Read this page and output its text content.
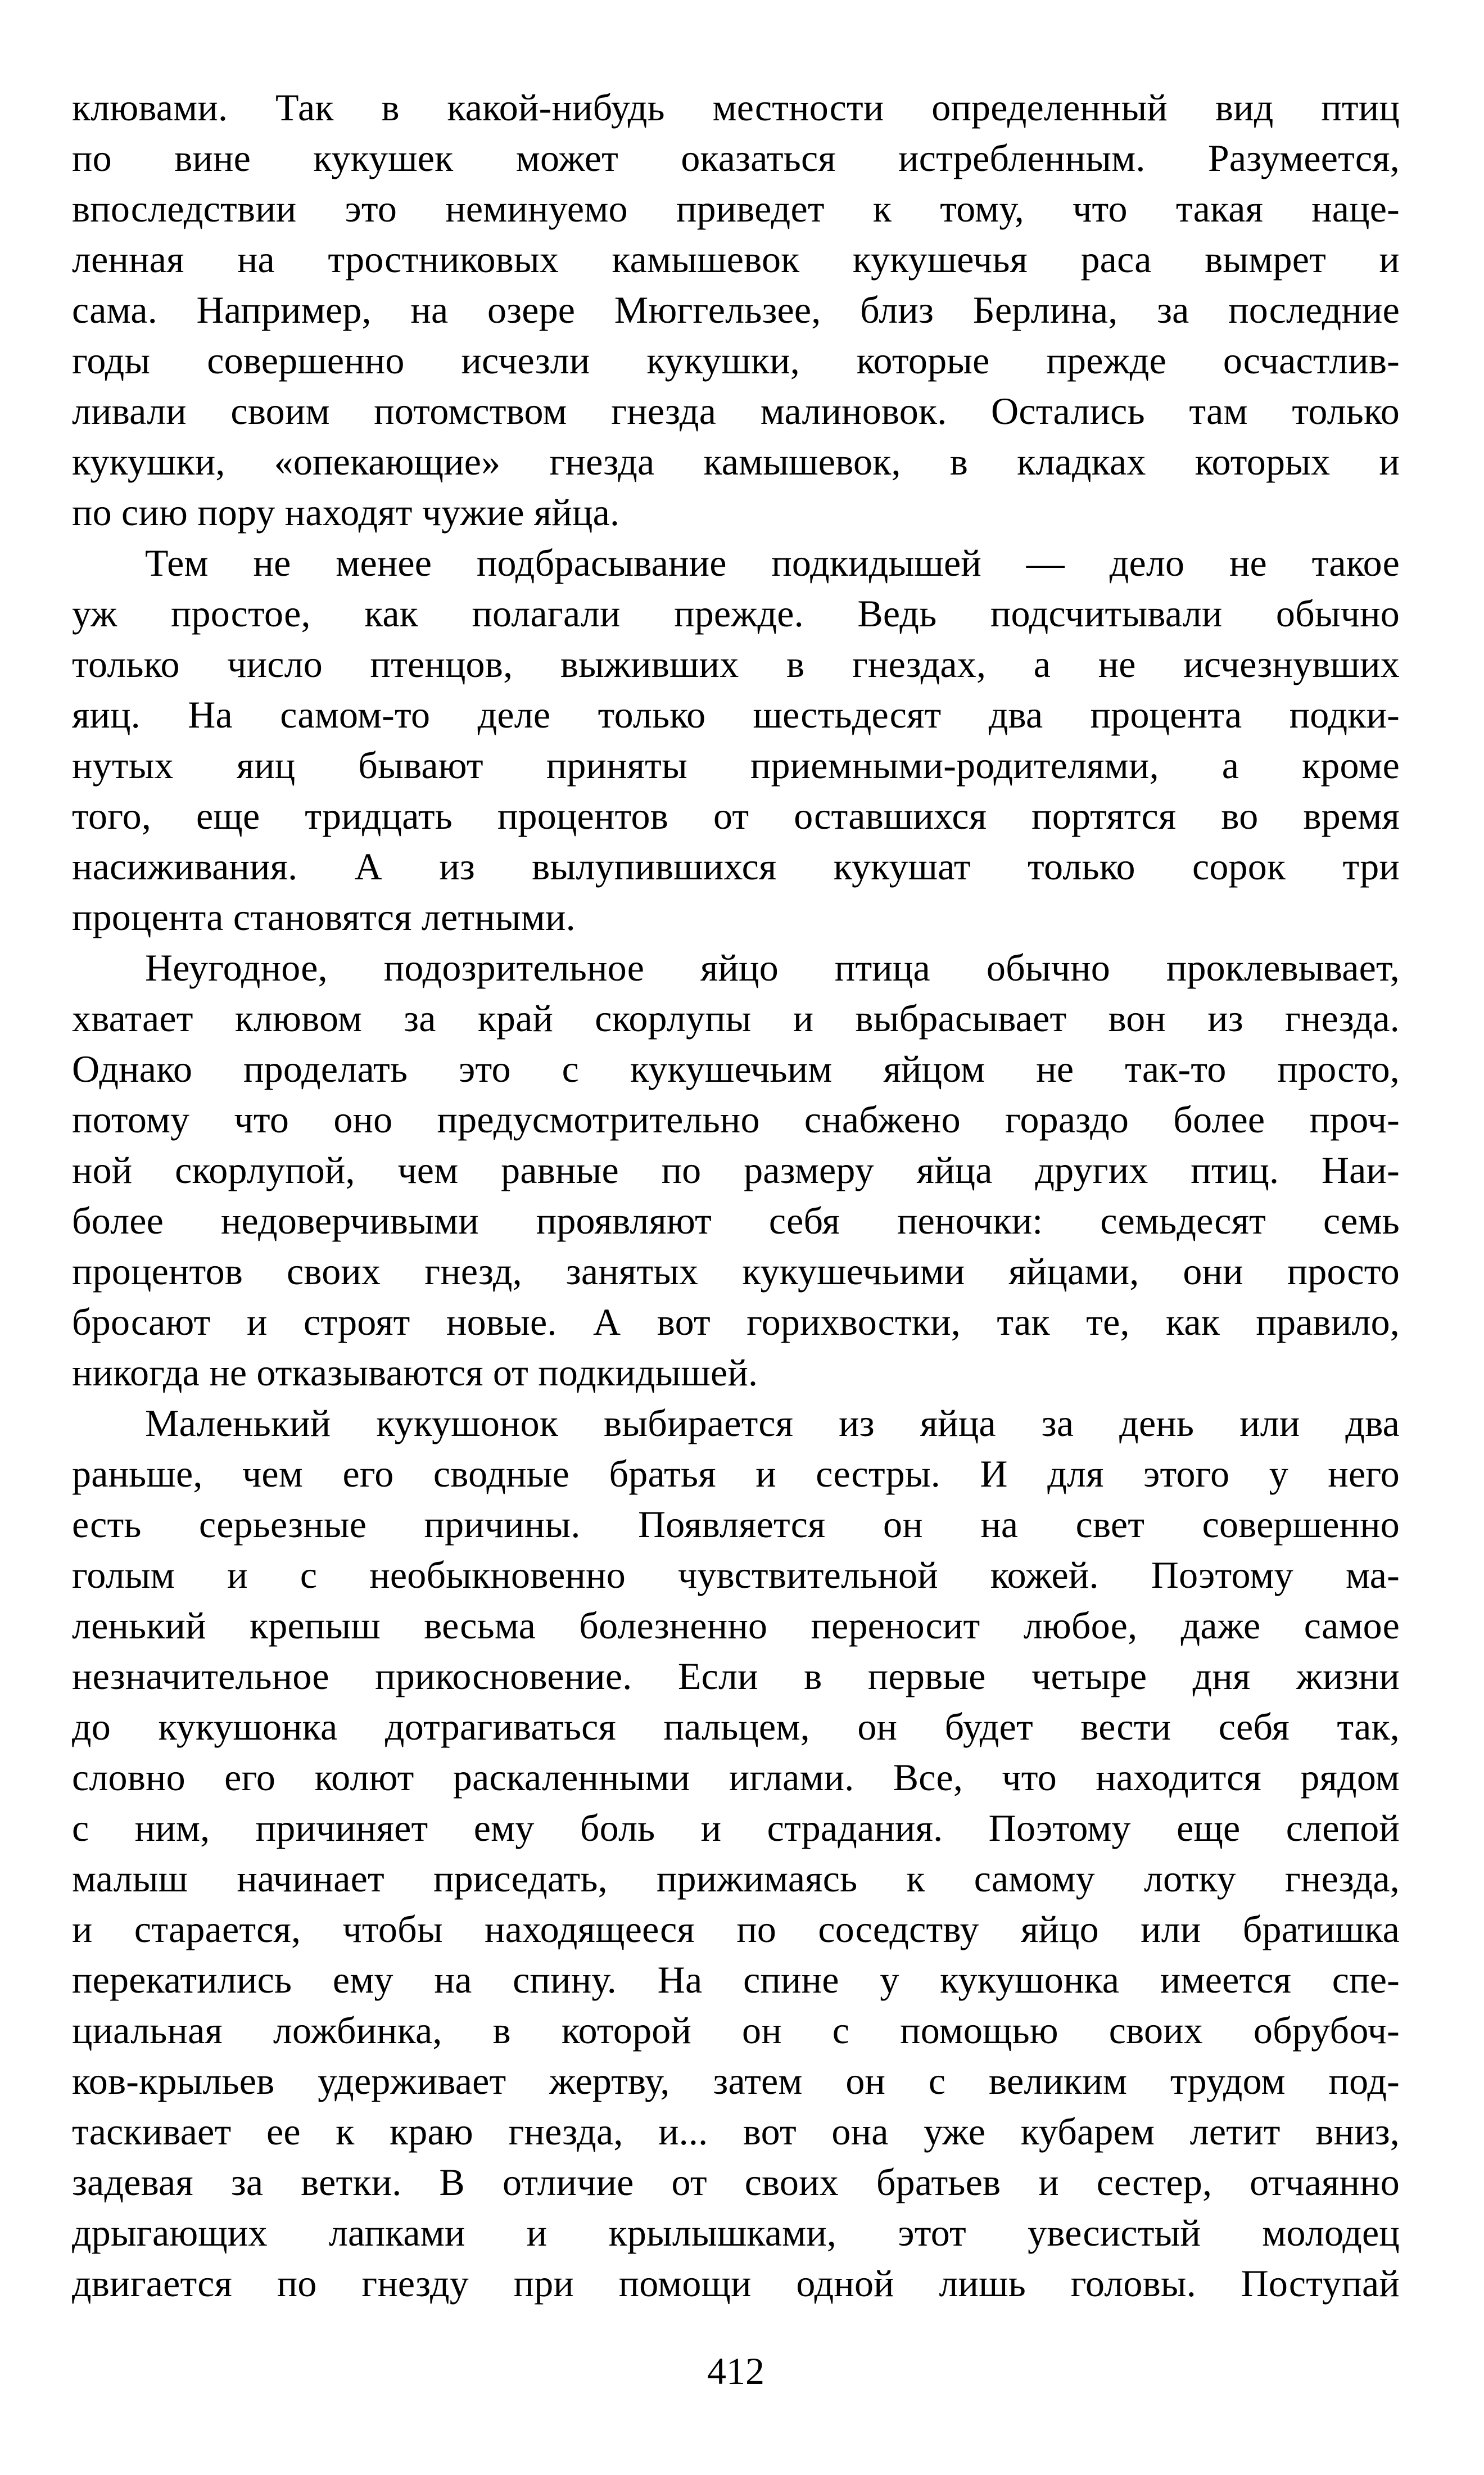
клювами. Так в какой-нибудь местности определенный вид птиц
по вине кукушек может оказаться истребленным. Разумеется,
впоследствии это неминуемо приведет к тому, что такая наце-
ленная на тростниковых камышевок кукушечья раса вымрет и
сама. Например, на озере Мюггельзее, близ Берлина, за последние
годы совершенно исчезли кукушки, которые прежде осчастлив-
ливали своим потомством гнезда малиновок. Остались там только
кукушки, «опекающие» гнезда камышевок, в кладках которых и
по сию пору находят чужие яйца.
Тем не менее подбрасывание подкидышей — дело не такое
уж простое, как полагали прежде. Ведь подсчитывали обычно
только число птенцов, выживших в гнездах, а не исчезнувших
яиц. На самом-то деле только шестьдесят два процента подки-
нутых яиц бывают приняты приемными-родителями, а кроме
того, еще тридцать процентов от оставшихся портятся во время
насиживания. А из вылупившихся кукушат только сорок три
процента становятся летными.
Неугодное, подозрительное яйцо птица обычно проклевывает,
хватает клювом за край скорлупы и выбрасывает вон из гнезда.
Однако проделать это с кукушечьим яйцом не так-то просто,
потому что оно предусмотрительно снабжено гораздо более проч-
ной скорлупой, чем равные по размеру яйца других птиц. Наи-
более недоверчивыми проявляют себя пеночки: семьдесят семь
процентов своих гнезд, занятых кукушечьими яйцами, они просто
бросают и строят новые. А вот горихвостки, так те, как правило,
никогда не отказываются от подкидышей.
Маленький кукушонок выбирается из яйца за день или два
раньше, чем его сводные братья и сестры. И для этого у него
есть серьезные причины. Появляется он на свет совершенно
голым и с необыкновенно чувствительной кожей. Поэтому ма-
ленький крепыш весьма болезненно переносит любое, даже самое
незначительное прикосновение. Если в первые четыре дня жизни
до кукушонка дотрагиваться пальцем, он будет вести себя так,
словно его колют раскаленными иглами. Все, что находится рядом
с ним, причиняет ему боль и страдания. Поэтому еще слепой
малыш начинает приседать, прижимаясь к самому лотку гнезда,
и старается, чтобы находящееся по соседству яйцо или братишка
перекатились ему на спину. На спине у кукушонка имеется спе-
циальная ложбинка, в которой он с помощью своих обрубоч-
ков-крыльев удерживает жертву, затем он с великим трудом под-
таскивает ее к краю гнезда, и... вот она уже кубарем летит вниз,
задевая за ветки. В отличие от своих братьев и сестер, отчаянно
дрыгающих лапками и крылышками, этот увесистый молодец
двигается по гнезду при помощи одной лишь головы. Поступай
412
